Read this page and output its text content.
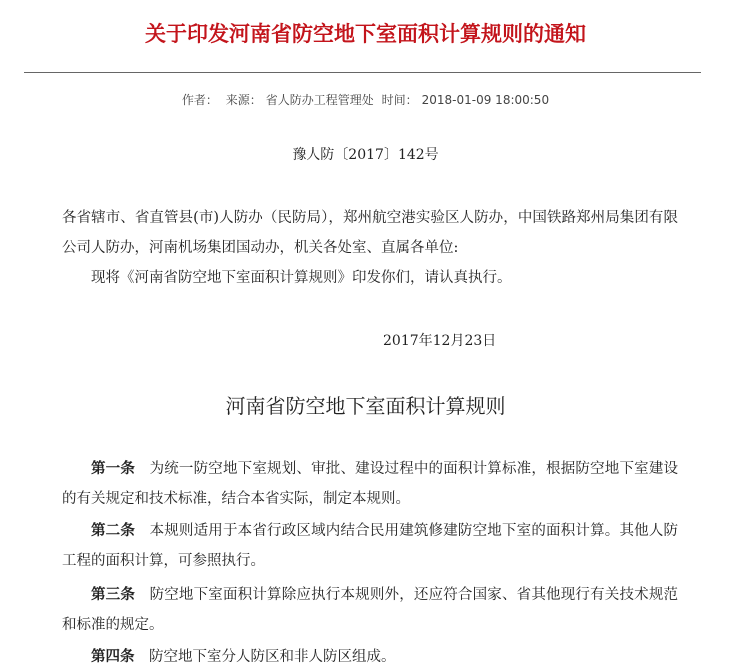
关于印发河南省防空地下室面积计算规则的通知
作者： 来源： 省人防办工程管理处 时间： 2018-01-09 18:00:50
豫人防〔2017〕142号
各省辖市、省直管县(市)人防办（民防局），郑州航空港实验区人防办，中国铁路郑州局集团有限公司人防办，河南机场集团国动办，机关各处室、直属各单位:
现将《河南省防空地下室面积计算规则》印发你们，请认真执行。
2017年12月23日
河南省防空地下室面积计算规则
第一条 为统一防空地下室规划、审批、建设过程中的面积计算标准，根据防空地下室建设的有关规定和技术标准，结合本省实际，制定本规则。
第二条 本规则适用于本省行政区域内结合民用建筑修建防空地下室的面积计算。其他人防工程的面积计算，可参照执行。
第三条 防空地下室面积计算除应执行本规则外，还应符合国家、省其他现行有关技术规范和标准的规定。
第四条 防空地下室分人防区和非人防区组成。
